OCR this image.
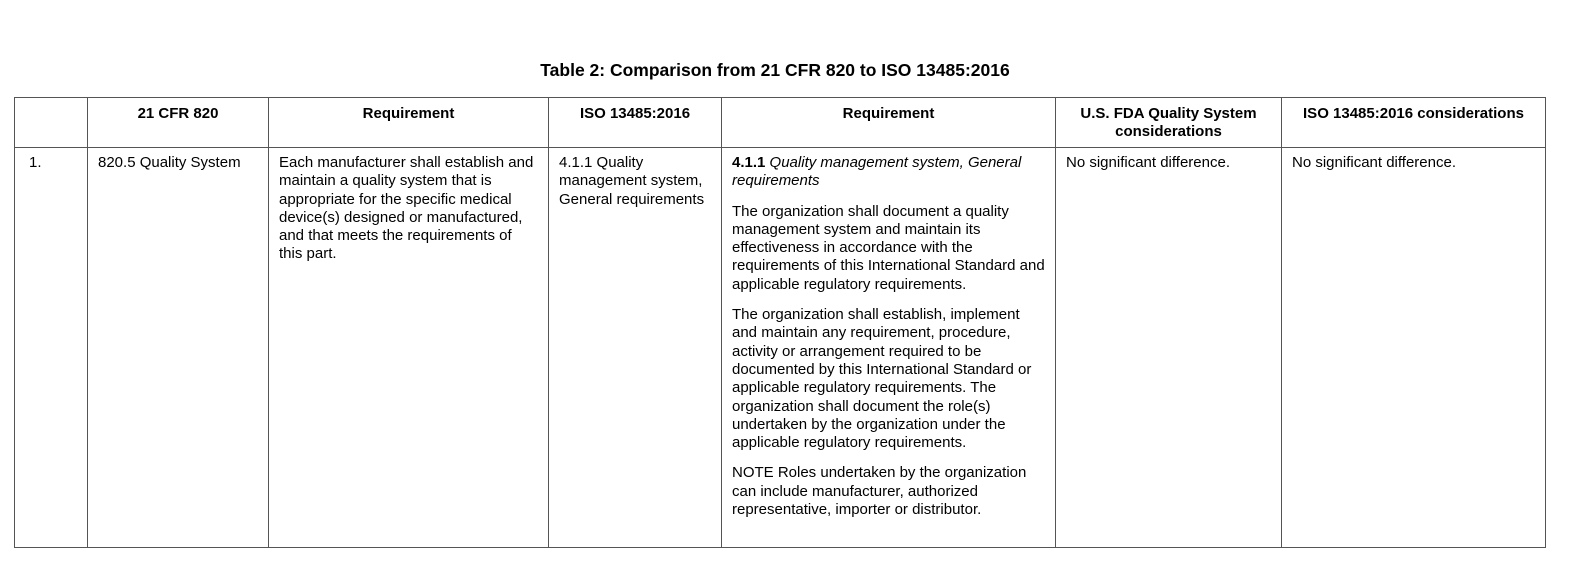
Table 2: Comparison from 21 CFR 820 to ISO 13485:2016
	21 CFR 820	Requirement	ISO 13485:2016	Requirement	U.S. FDA Quality System considerations	ISO 13485:2016 considerations
1.	820.5 Quality System	Each manufacturer shall establish and maintain a quality system that is appropriate for the specific medical device(s) designed or manufactured, and that meets the requirements of this part.	4.1.1 Quality management system, General requirements	4.1.1 Quality management system, General requirements
The organization shall document a quality management system and maintain its effectiveness in accordance with the requirements of this International Standard and applicable regulatory requirements.
The organization shall establish, implement and maintain any requirement, procedure, activity or arrangement required to be documented by this International Standard or applicable regulatory requirements. The organization shall document the role(s) undertaken by the organization under the applicable regulatory requirements.
NOTE Roles undertaken by the organization can include manufacturer, authorized representative, importer or distributor.	No significant difference.	No significant difference.
